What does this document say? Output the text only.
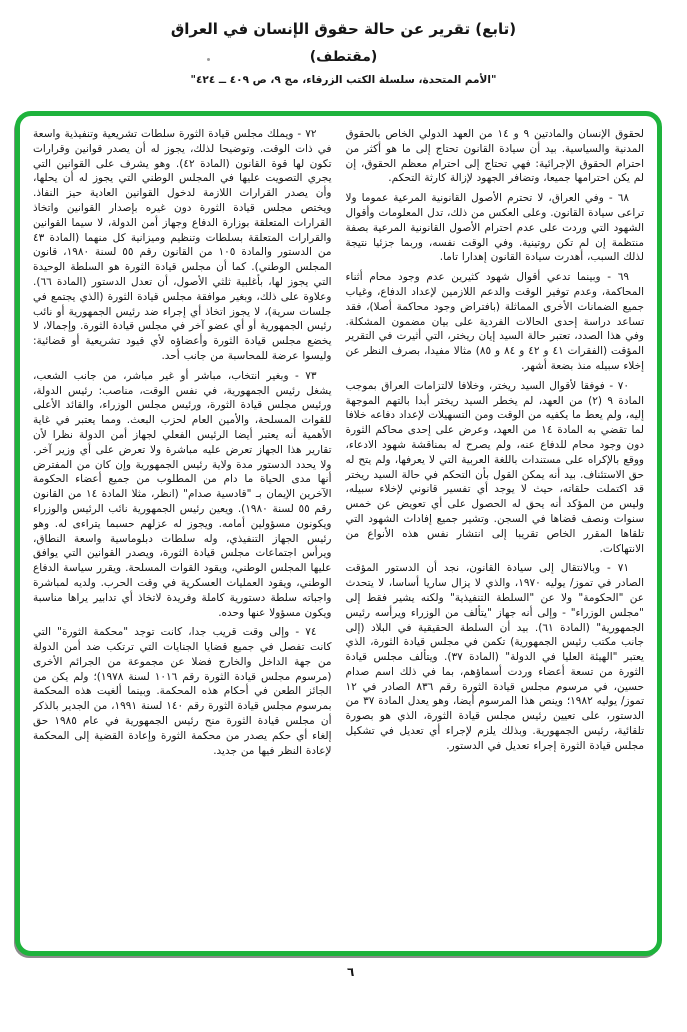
(تابع) تقرير عن حالة حقوق الإنسان في العراق
(مقتطف)
"الأمم المتحدة، سلسلة الكتب الزرقاء، مج ٩، ص ٤٠٩ ــ ٤٢٤"

لحقوق الإنسان والمادتين ٩ و ١٤ من العهد الدولي الخاص بالحقوق المدنية والسياسية. بيد أن سيادة القانون تحتاج إلى ما هو أكثر من احترام الحقوق الإجرائية: فهي تحتاج إلى احترام معظم الحقوق، إن لم يكن احترامها جميعا، وتضافر الجهود لإزالة كارثة التحكم.

٦٨ - وفي العراق، لا تحترم الأصول القانونية المرعية عموما ولا تراعى سيادة القانون. وعلى العكس من ذلك، تدل المعلومات وأقوال الشهود التي وردت على عدم احترام الأصول القانونية المرعية بصفة منتظمة إن لم تكن روتينية. وفي الوقت نفسه، وربما جزئيا نتيجة لذلك السبب، أهدرت سيادة القانون إهدارا تاما.

٦٩ - وبينما تدعي أقوال شهود كثيرين عدم وجود محام أثناء المحاكمة، وعدم توفير الوقت والدعم اللازمين لإعداد الدفاع، وغياب جميع الضمانات الأخرى المماثلة (بافتراض وجود محاكمة أصلا)، فقد تساعد دراسة إحدى الحالات الفردية على بيان مضمون المشكلة. وفي هذا الصدد، تعتبر حالة السيد إيان ريختر، التي أثيرت في التقرير المؤقت (الفقرات ٤١ و ٤٢ و ٨٤ و ٨٥) مثالا مفيدا، بصرف النظر عن إخلاء سبيله منذ بضعة أشهر.

٧٠ - فوفقا لأقوال السيد ريختر، وخلافا لالتزامات العراق بموجب المادة ٩ (٢) من العهد، لم يخطر السيد ريختر أبدا بالتهم الموجهة إليه، ولم يعط ما يكفيه من الوقت ومن التسهيلات لإعداد دفاعه خلافا لما تقضي به المادة ١٤ من العهد، وعرض على إحدى محاكم الثورة دون وجود محام للدفاع عنه، ولم يصرح له بمناقشة شهود الادعاء، ووقع بالإكراه على مستندات باللغة العربية التي لا يعرفها، ولم يتح له حق الاستئناف. بيد أنه يمكن القول بأن التحكم في حالة السيد ريختر قد اكتملت حلقاته، حيث لا يوجد أي تفسير قانوني لإخلاء سبيله، وليس من المؤكد أنه يحق له الحصول على أي تعويض عن خمس سنوات ونصف قضاها في السجن. وتشير جميع إفادات الشهود التي تلقاها المقرر الخاص تقريبا إلى انتشار نفس هذه الأنواع من الانتهاكات.

٧١ - وبالانتقال إلى سيادة القانون، نجد أن الدستور المؤقت الصادر في تموز/ يوليه ١٩٧٠، والذي لا يزال ساريا أساسا، لا يتحدث عن "الحكومة" ولا عن "السلطة التنفيذية" ولكنه يشير فقط إلى "مجلس الوزراء" - وإلى أنه جهاز "يتألف من الوزراء ويرأسه رئيس الجمهورية" (المادة ٦١). بيد أن السلطة الحقيقية في البلاد (إلى جانب مكتب رئيس الجمهورية) تكمن في مجلس قيادة الثورة، الذي يعتبر "الهيئة العليا في الدولة" (المادة ٣٧). ويتألف مجلس قيادة الثورة من تسعة أعضاء وردت أسماؤهم، بما في ذلك اسم صدام حسين، في مرسوم مجلس قيادة الثورة رقم ٨٣٦ الصادر في ١٢ تموز/ يوليه ١٩٨٢؛ وينص هذا المرسوم أيضا، وهو يعدل المادة ٣٧ من الدستور، على تعيين رئيس مجلس قيادة الثورة، الذي هو بصورة تلقائية، رئيس الجمهورية. وبذلك يلزم لإجراء أي تعديل في تشكيل مجلس قيادة الثورة إجراء تعديل في الدستور.

٧٢ - ويملك مجلس قيادة الثورة سلطات تشريعية وتنفيذية واسعة في ذات الوقت. وتوضيحا لذلك، يجوز له أن يصدر قوانين وقرارات تكون لها قوة القانون (المادة ٤٢). وهو يشرف على القوانين التي يجري التصويت عليها في المجلس الوطني التي يجوز له أن يحلها، وأن يصدر القرارات اللازمة لدخول القوانين العادية حيز النفاذ. ويختص مجلس قيادة الثورة دون غيره بإصدار القوانين واتخاذ القرارات المتعلقة بوزارة الدفاع وجهاز أمن الدولة، لا سيما القوانين والقرارات المتعلقة بسلطات وتنظيم وميزانية كل منهما (المادة ٤٣ من الدستور والمادة ١٠٥ من القانون رقم ٥٥ لسنة ١٩٨٠، قانون المجلس الوطني). كما أن مجلس قيادة الثورة هو السلطة الوحيدة التي يجوز لها، بأغلبية ثلثي الأصول، أن تعدل الدستور (المادة ٦٦). وعلاوة على ذلك، وبغير موافقة مجلس قيادة الثورة (الذي يجتمع في جلسات سرية)، لا يجوز اتخاذ أي إجراء ضد رئيس الجمهورية أو نائب رئيس الجمهورية أو أي عضو آخر في مجلس قيادة الثورة. وإجمالا، لا يخضع مجلس قيادة الثورة وأعضاؤه لأي قيود تشريعية أو قضائية: وليسوا عرضة للمحاسبة من جانب أحد.

٧٣ - وبغير انتخاب، مباشر أو غير مباشر، من جانب الشعب، يشغل رئيس الجمهورية، في نفس الوقت، مناصب: رئيس الدولة، ورئيس مجلس قيادة الثورة، ورئيس مجلس الوزراء، والقائد الأعلى للقوات المسلحة، والأمين العام لحزب البعث. ومما يعتبر في غاية الأهمية أنه يعتبر أيضا الرئيس الفعلي لجهاز أمن الدولة نظرا لأن تقارير هذا الجهاز تعرض عليه مباشرة ولا تعرض على أي وزير آخر. ولا يحدد الدستور مدة ولاية رئيس الجمهورية وإن كان من المفترض أنها مدى الحياة ما دام من المطلوب من جميع أعضاء الحكومة الآخرين الإيمان بـ "قادسية صدام" (انظر، مثلا المادة ١٤ من القانون رقم ٥٥ لسنة ١٩٨٠). ويعين رئيس الجمهورية نائب الرئيس والوزراء ويكونون مسؤولين أمامه. ويجوز له عزلهم حسبما يتراءى له. وهو رئيس الجهاز التنفيذي، وله سلطات دبلوماسية واسعة النطاق، ويرأس اجتماعات مجلس قيادة الثورة، ويصدر القوانين التي يوافق عليها المجلس الوطني، ويقود القوات المسلحة. ويقرر سياسة الدفاع الوطني، ويقود العمليات العسكرية في وقت الحرب. ولديه لمباشرة واجباته سلطة دستورية كاملة وفريدة لاتخاذ أي تدابير يراها مناسبة ويكون مسؤولا عنها وحده.

٧٤ - وإلى وقت قريب جدا، كانت توجد "محكمة الثورة" التي كانت تفصل في جميع قضايا الجنايات التي ترتكب ضد أمن الدولة من جهة الداخل والخارج فضلا عن مجموعة من الجرائم الأخرى (مرسوم مجلس قيادة الثورة رقم ١٠١٦ لسنة ١٩٧٨)؛ ولم يكن من الجائز الطعن في أحكام هذه المحكمة. وبينما ألغيت هذه المحكمة بمرسوم مجلس قيادة الثورة رقم ١٤٠ لسنة ١٩٩١، من الجدير بالذكر أن مجلس قيادة الثورة منح رئيس الجمهورية في عام ١٩٨٥ حق إلغاء أي حكم يصدر من محكمة الثورة وإعادة القضية إلى المحكمة لإعادة النظر فيها من جديد.

٦
